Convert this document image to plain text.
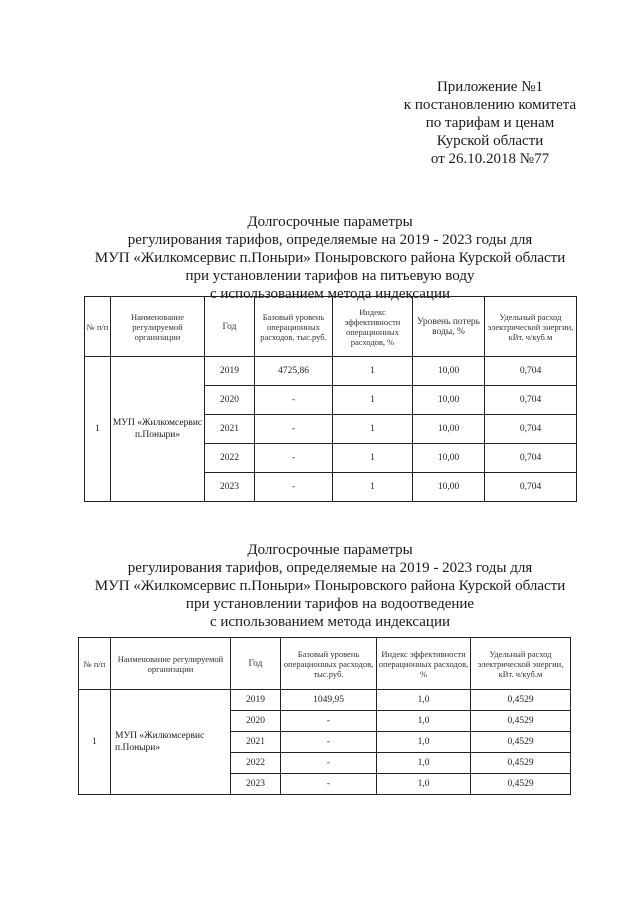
Приложение №1
к постановлению комитета
по тарифам и ценам
Курской области
от 26.10.2018 №77
Долгосрочные параметры
регулирования тарифов, определяемые на 2019 - 2023 годы для
МУП «Жилкомсервис п.Поныри» Поныровского района Курской области
при установлении тарифов на питьевую воду
с использованием метода индексации
№ п/п	Наименование регулируемой организации	Год	Базовый уровень операционных расходов, тыс.руб.	Индекс эффективности операционных расходов, %	Уровень потерь воды, %	Удельный расход электрической энергии, кВт. ч/куб.м
1	МУП «Жилкомсервис п.Поныри»	2019	4725,86	1	10,00	0,704
		2020	-	1	10,00	0,704
		2021	-	1	10,00	0,704
		2022	-	1	10,00	0,704
		2023	-	1	10,00	0,704
Долгосрочные параметры
регулирования тарифов, определяемые на 2019 - 2023 годы для
МУП «Жилкомсервис п.Поныри» Поныровского района Курской области
при установлении тарифов на водоотведение
с использованием метода индексации
№ п/п	Наименование регулируемой организации	Год	Базовый уровень операционных расходов, тыс.руб.	Индекс эффективности операционных расходов, %	Удельный расход электрической энергии, кВт. ч/куб.м
1	МУП «Жилкомсервис п.Поныри»	2019	1049,95	1,0	0,4529
		2020	-	1,0	0,4529
		2021	-	1,0	0,4529
		2022	-	1,0	0,4529
		2023	-	1,0	0,4529
